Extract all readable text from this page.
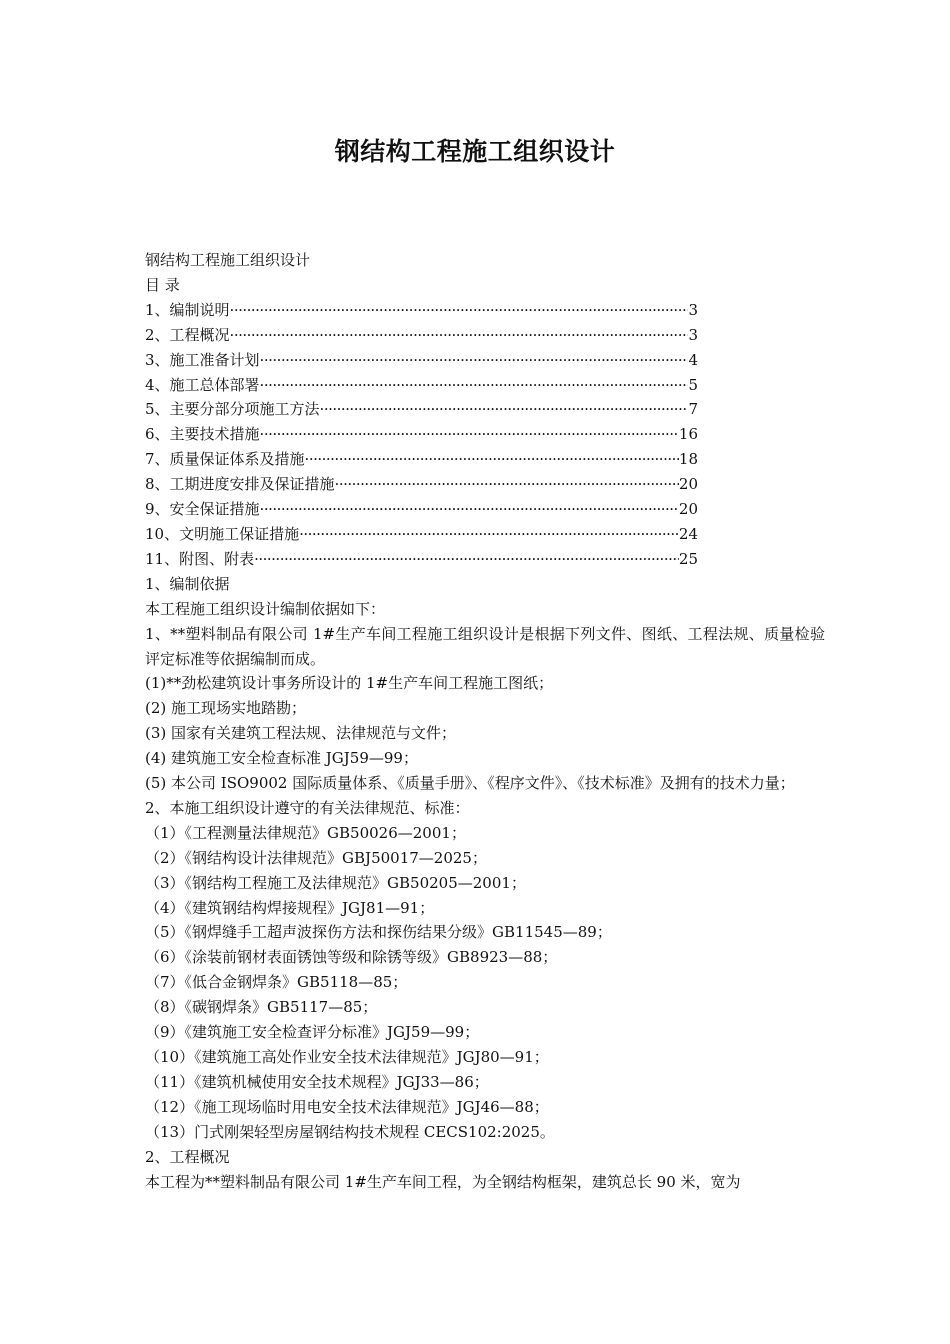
钢结构工程施工组织设计
钢结构工程施工组织设计
目 录
1、编制说明 ·····	3
2、工程概况 ·····	3
3、施工准备计划 ·····	4
4、施工总体部署 ·····	5
5、主要分部分项施工方法 ·····	7
6、主要技术措施 ·····	16
7、质量保证体系及措施 ·····	18
8、工期进度安排及保证措施 ·····	20
9、安全保证措施 ·····	20
10、文明施工保证措施 ·····	24
11、附图、附表 ·····	25
1、编制依据
本工程施工组织设计编制依据如下：
1、**塑料制品有限公司 1#生产车间工程施工组织设计是根据下列文件、图纸、工程法规、质量检验评定标准等依据编制而成。
(1)**劲松建筑设计事务所设计的 1#生产车间工程施工图纸；
(2) 施工现场实地踏勘；
(3) 国家有关建筑工程法规、法律规范与文件；
(4) 建筑施工安全检查标准 JGJ59—99；
(5) 本公司 ISO9002 国际质量体系、《质量手册》、《程序文件》、《技术标准》及拥有的技术力量；
2、本施工组织设计遵守的有关法律规范、标准：
（1）《工程测量法律规范》GB50026—2001；
（2）《钢结构设计法律规范》GBJ50017—2025；
（3）《钢结构工程施工及法律规范》GB50205—2001；
（4）《建筑钢结构焊接规程》JGJ81—91；
（5）《钢焊缝手工超声波探伤方法和探伤结果分级》GB11545—89；
（6）《涂装前钢材表面锈蚀等级和除锈等级》GB8923—88；
（7）《低合金钢焊条》GB5118—85；
（8）《碳钢焊条》GB5117—85；
（9）《建筑施工安全检查评分标准》JGJ59—99；
（10）《建筑施工高处作业安全技术法律规范》JGJ80—91；
（11）《建筑机械使用安全技术规程》JGJ33—86；
（12）《施工现场临时用电安全技术法律规范》JGJ46—88；
（13）门式刚架轻型房屋钢结构技术规程 CECS102:2025。
2、工程概况
本工程为**塑料制品有限公司 1#生产车间工程，为全钢结构框架，建筑总长 90 米，宽为
